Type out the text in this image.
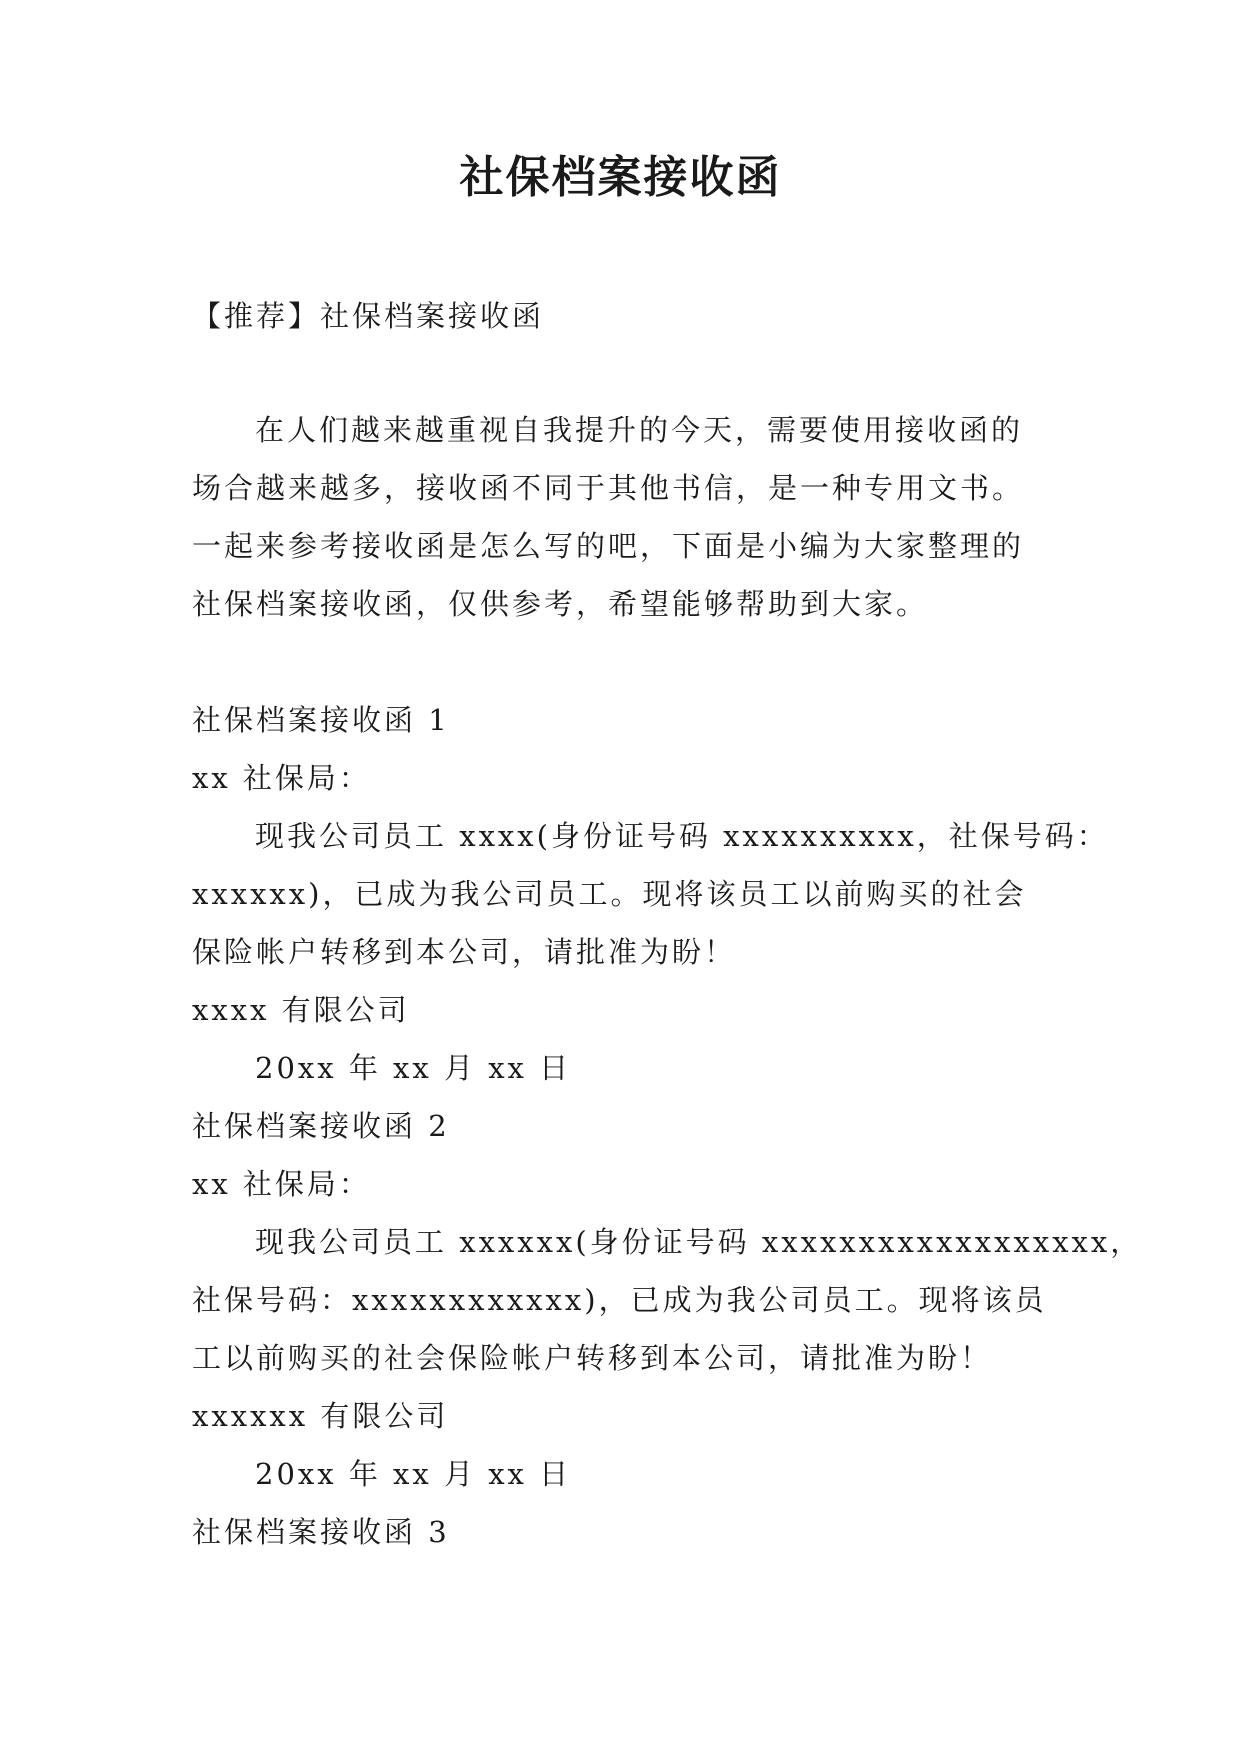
社保档案接收函

【推荐】社保档案接收函

在人们越来越重视自我提升的今天，需要使用接收函的

场合越来越多，接收函不同于其他书信，是一种专用文书。

一起来参考接收函是怎么写的吧，下面是小编为大家整理的

社保档案接收函，仅供参考，希望能够帮助到大家。

社保档案接收函 1

xx 社保局：

现我公司员工 xxxx(身份证号码 xxxxxxxxxx，社保号码：

xxxxxx)，已成为我公司员工。现将该员工以前购买的社会

保险帐户转移到本公司，请批准为盼！

xxxx 有限公司

20xx 年 xx 月 xx 日

社保档案接收函 2

xx 社保局：

现我公司员工 xxxxxx(身份证号码 xxxxxxxxxxxxxxxxxx，

社保号码：xxxxxxxxxxxx)，已成为我公司员工。现将该员

工以前购买的社会保险帐户转移到本公司，请批准为盼！

xxxxxx 有限公司

20xx 年 xx 月 xx 日

社保档案接收函 3
